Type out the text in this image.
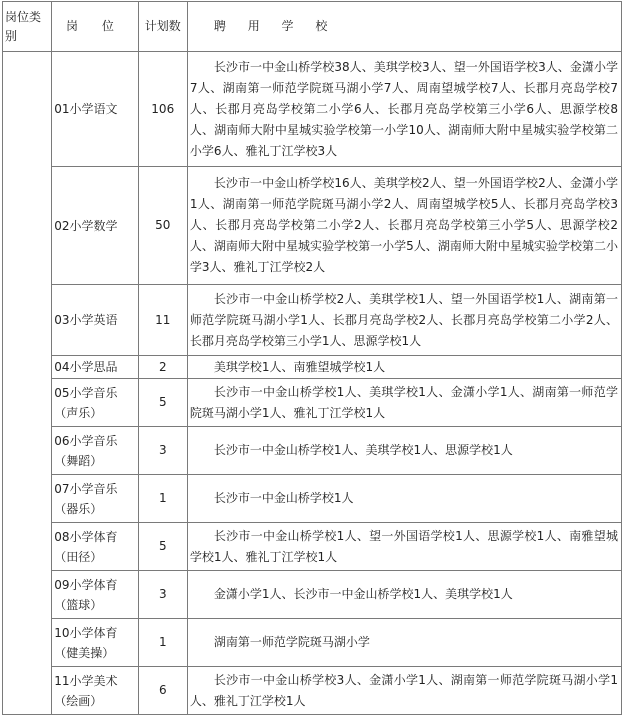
岗位类别	岗 位	计划数	聘 用 学 校
	01小学语文	106	长沙市一中金山桥学校38人、美琪学校3人、望一外国语学校3人、金潇小学7人、湖南第一师范学院斑马湖小学7人、周南望城学校7人、长郡月亮岛学校7人、长郡月亮岛学校第二小学6人、长郡月亮岛学校第三小学6人、思源学校8人、湖南师大附中星城实验学校第一小学10人、湖南师大附中星城实验学校第二小学6人、雅礼丁江学校3人
	02小学数学	50	长沙市一中金山桥学校16人、美琪学校2人、望一外国语学校2人、金潇小学1人、湖南第一师范学院斑马湖小学2人、周南望城学校5人、长郡月亮岛学校3人、长郡月亮岛学校第二小学2人、长郡月亮岛学校第三小学5人、思源学校2人、湖南师大附中星城实验学校第一小学5人、湖南师大附中星城实验学校第二小学3人、雅礼丁江学校2人
	03小学英语	11	长沙市一中金山桥学校2人、美琪学校1人、望一外国语学校1人、湖南第一师范学院斑马湖小学1人、长郡月亮岛学校2人、长郡月亮岛学校第二小学2人、长郡月亮岛学校第三小学1人、思源学校1人
	04小学思品	2	美琪学校1人、南雅望城学校1人
	05小学音乐（声乐）	5	长沙市一中金山桥学校1人、美琪学校1人、金潇小学1人、湖南第一师范学院斑马湖小学1人、雅礼丁江学校1人
	06小学音乐（舞蹈）	3	长沙市一中金山桥学校1人、美琪学校1人、思源学校1人
	07小学音乐（器乐）	1	长沙市一中金山桥学校1人
	08小学体育（田径）	5	长沙市一中金山桥学校1人、望一外国语学校1人、思源学校1人、南雅望城学校1人、雅礼丁江学校1人
	09小学体育（篮球）	3	金潇小学1人、长沙市一中金山桥学校1人、美琪学校1人
	10小学体育（健美操）	1	湖南第一师范学院斑马湖小学
	11小学美术（绘画）	6	长沙市一中金山桥学校3人、金潇小学1人、湖南第一师范学院斑马湖小学1人、雅礼丁江学校1人
